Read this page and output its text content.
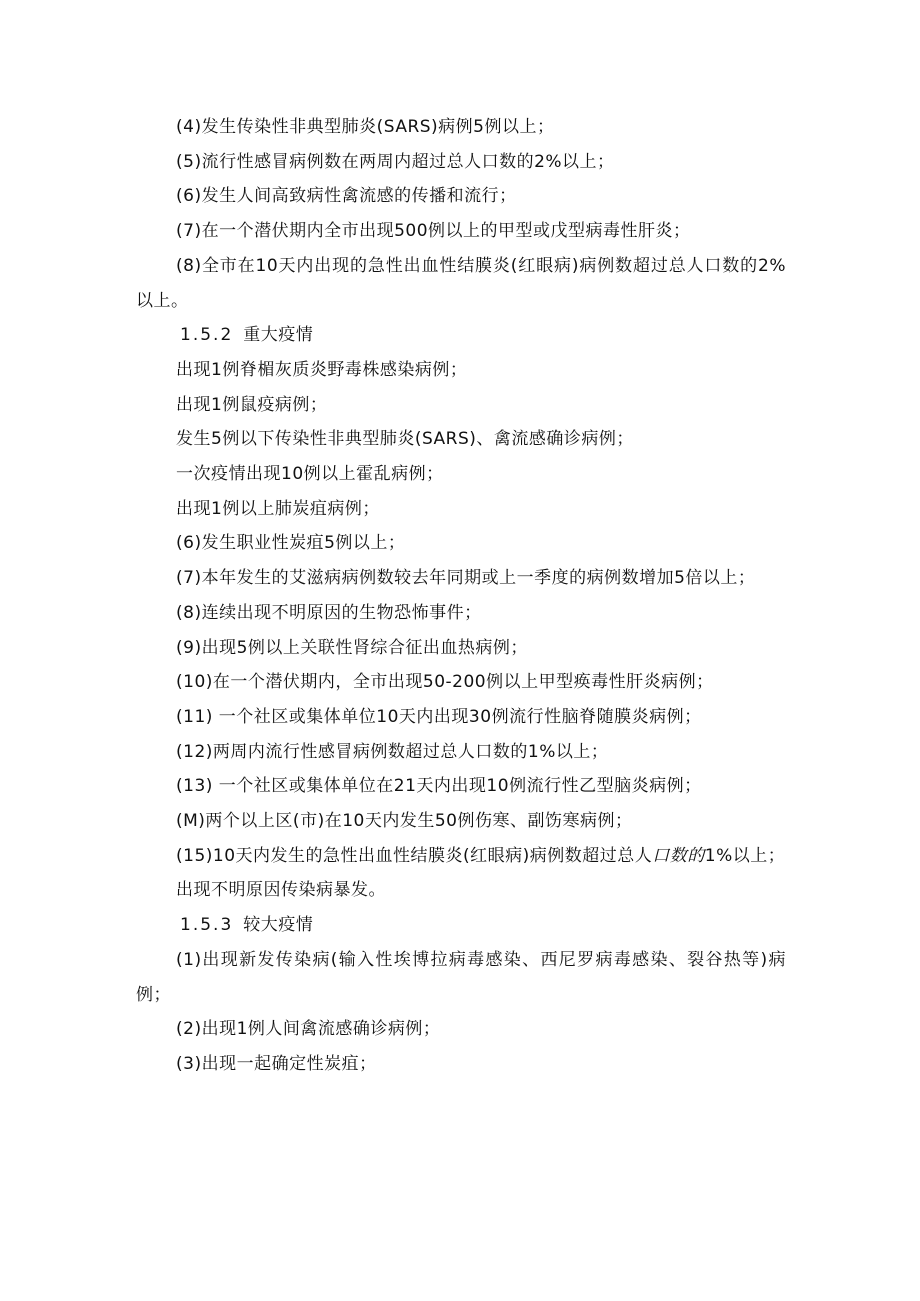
(4)发生传染性非典型肺炎(SARS)病例5例以上；

(5)流行性感冒病例数在两周内超过总人口数的2%以上；

(6)发生人间高致病性禽流感的传播和流行；

(7)在一个潜伏期内全市出现500例以上的甲型或戊型病毒性肝炎；

(8)全市在10天内出现的急性出血性结膜炎(红眼病)病例数超过总人口数的2%以上。

1.5.2 重大疫情

出现1例脊楣灰质炎野毒株感染病例；

出现1例鼠疫病例；

发生5例以下传染性非典型肺炎(SARS)、禽流感确诊病例；

一次疫情出现10例以上霍乱病例；

出现1例以上肺炭疽病例；

(6)发生职业性炭疽5例以上；

(7)本年发生的艾滋病病例数较去年同期或上一季度的病例数增加5倍以上；

(8)连续出现不明原因的生物恐怖事件；

(9)出现5例以上关联性肾综合征出血热病例；

(10)在一个潜伏期内，全市出现50-200例以上甲型痪毒性肝炎病例；

(11) 一个社区或集体单位10天内出现30例流行性脑脊随膜炎病例；

(12)两周内流行性感冒病例数超过总人口数的1%以上；

(13) 一个社区或集体单位在21天内出现10例流行性乙型脑炎病例；

(M)两个以上区(市)在10天内发生50例伤寒、副饬寒病例；

(15)10天内发生的急性出血性结膜炎(红眼病)病例数超过总人口数的1%以上；

出现不明原因传染病暴发。

1.5.3 较大疫情

(1)出现新发传染病(输入性埃博拉病毒感染、西尼罗病毒感染、裂谷热等)病例；

(2)出现1例人间禽流感确诊病例；

(3)出现一起确定性炭疽；
